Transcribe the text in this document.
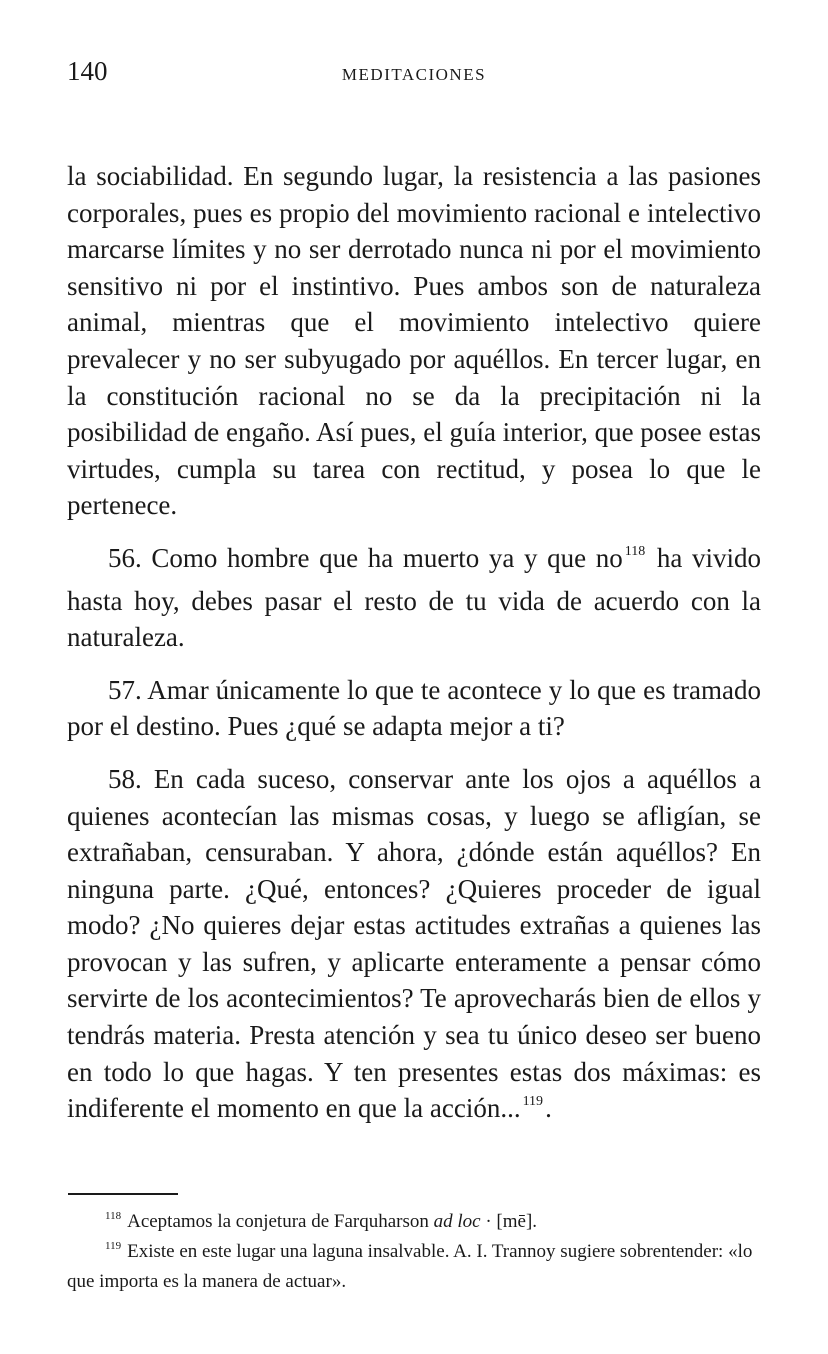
140	MEDITACIONES

la sociabilidad. En segundo lugar, la resistencia a las pasiones corporales, pues es propio del movimiento racional e intelectivo marcarse límites y no ser derrotado nunca ni por el movimiento sensitivo ni por el instintivo. Pues ambos son de naturaleza animal, mientras que el movimiento intelectivo quiere prevalecer y no ser subyugado por aquéllos. En tercer lugar, en la constitución racional no se da la precipitación ni la posibilidad de engaño. Así pues, el guía interior, que posee estas virtudes, cumpla su tarea con rectitud, y posea lo que le pertenece.

56. Como hombre que ha muerto ya y que no $^{118}$ ha vivido hasta hoy, debes pasar el resto de tu vida de acuerdo con la naturaleza.

57. Amar únicamente lo que te acontece y lo que es tramado por el destino. Pues ¿qué se adapta mejor a ti?

58. En cada suceso, conservar ante los ojos a aquéllos a quienes acontecían las mismas cosas, y luego se afligían, se extrañaban, censuraban. Y ahora, ¿dónde están aquéllos? En ninguna parte. ¿Qué, entonces? ¿Quieres proceder de igual modo? ¿No quieres dejar estas actitudes extrañas a quienes las provocan y las sufren, y aplicarte enteramente a pensar cómo servirte de los acontecimientos? Te aprovecharás bien de ellos y tendrás materia. Presta atención y sea tu único deseo ser bueno en todo lo que hagas. Y ten presentes estas dos máximas: es indiferente el momento en que la acción... $^{119}$.

$^{118}$ Aceptamos la conjetura de Farquharson ad loc · [mē].

$^{119}$ Existe en este lugar una laguna insalvable. A. I. Trannoy sugiere sobrentender: «lo que importa es la manera de actuar».
